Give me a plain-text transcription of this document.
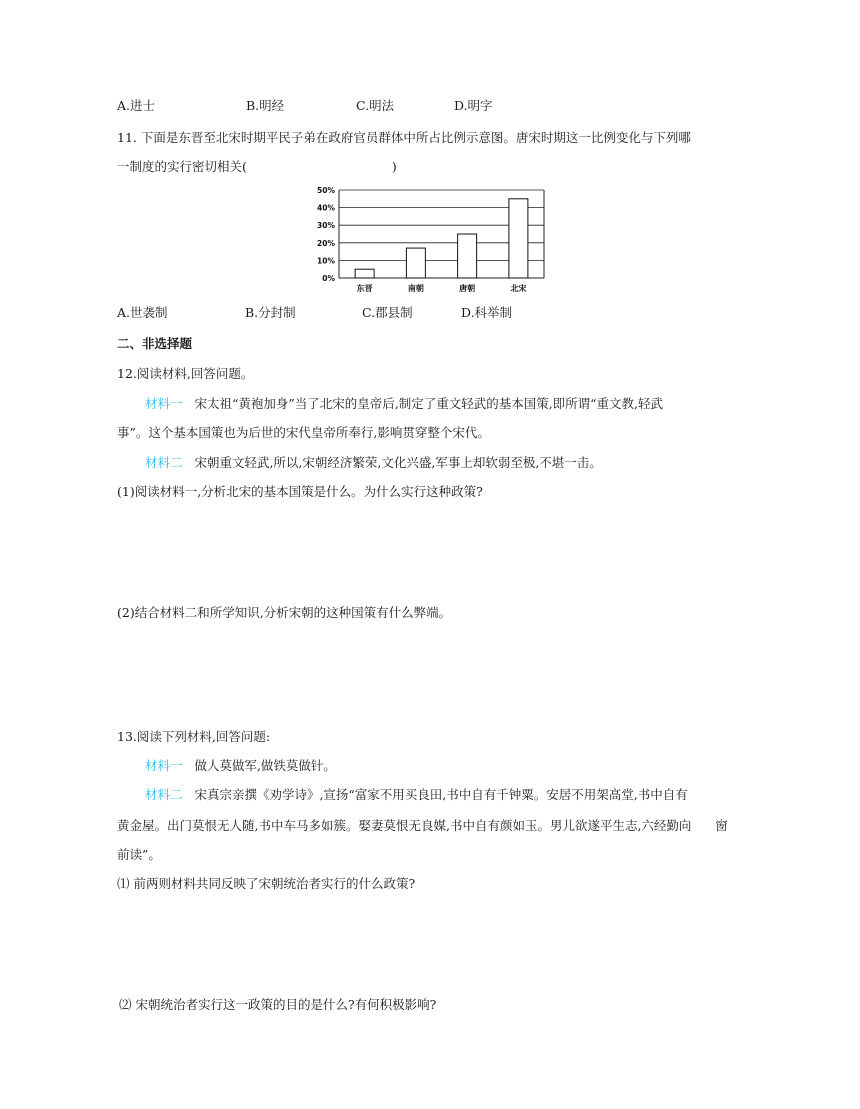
A.进士	B.明经	C.明法	D.明字
11. 下面是东晋至北宋时期平民子弟在政府官员群体中所占比例示意图。唐宋时期这一比例变化与下列哪
一制度的实行密切相关(	)
0%
10%
20%
30%
40%
50%
东晋	南朝	唐朝	北宋
A.世袭制	B.分封制	C.郡县制	D.科举制
二、非选择题
12.阅读材料,回答问题。
材料一 宋太祖“黄袍加身”当了北宋的皇帝后,制定了重文轻武的基本国策,即所谓“重文教,轻武
事”。这个基本国策也为后世的宋代皇帝所奉行,影响贯穿整个宋代。
材料二 宋朝重文轻武,所以,宋朝经济繁荣,文化兴盛,军事上却软弱至极,不堪一击。
(1)阅读材料一,分析北宋的基本国策是什么。为什么实行这种政策?
(2)结合材料二和所学知识,分析宋朝的这种国策有什么弊端。
13.阅读下列材料,回答问题:
材料一 做人莫做军,做铁莫做针。
材料二 宋真宗亲撰《劝学诗》,宣扬“富家不用买良田,书中自有千钟粟。安居不用架高堂,书中自有
黄金屋。出门莫恨无人随,书中车马多如簇。娶妻莫恨无良媒,书中自有颜如玉。男儿欲遂平生志,六经勤向 窗
前读”。
⑴ 前两则材料共同反映了宋朝统治者实行的什么政策?
⑵ 宋朝统治者实行这一政策的目的是什么?有何积极影响?
